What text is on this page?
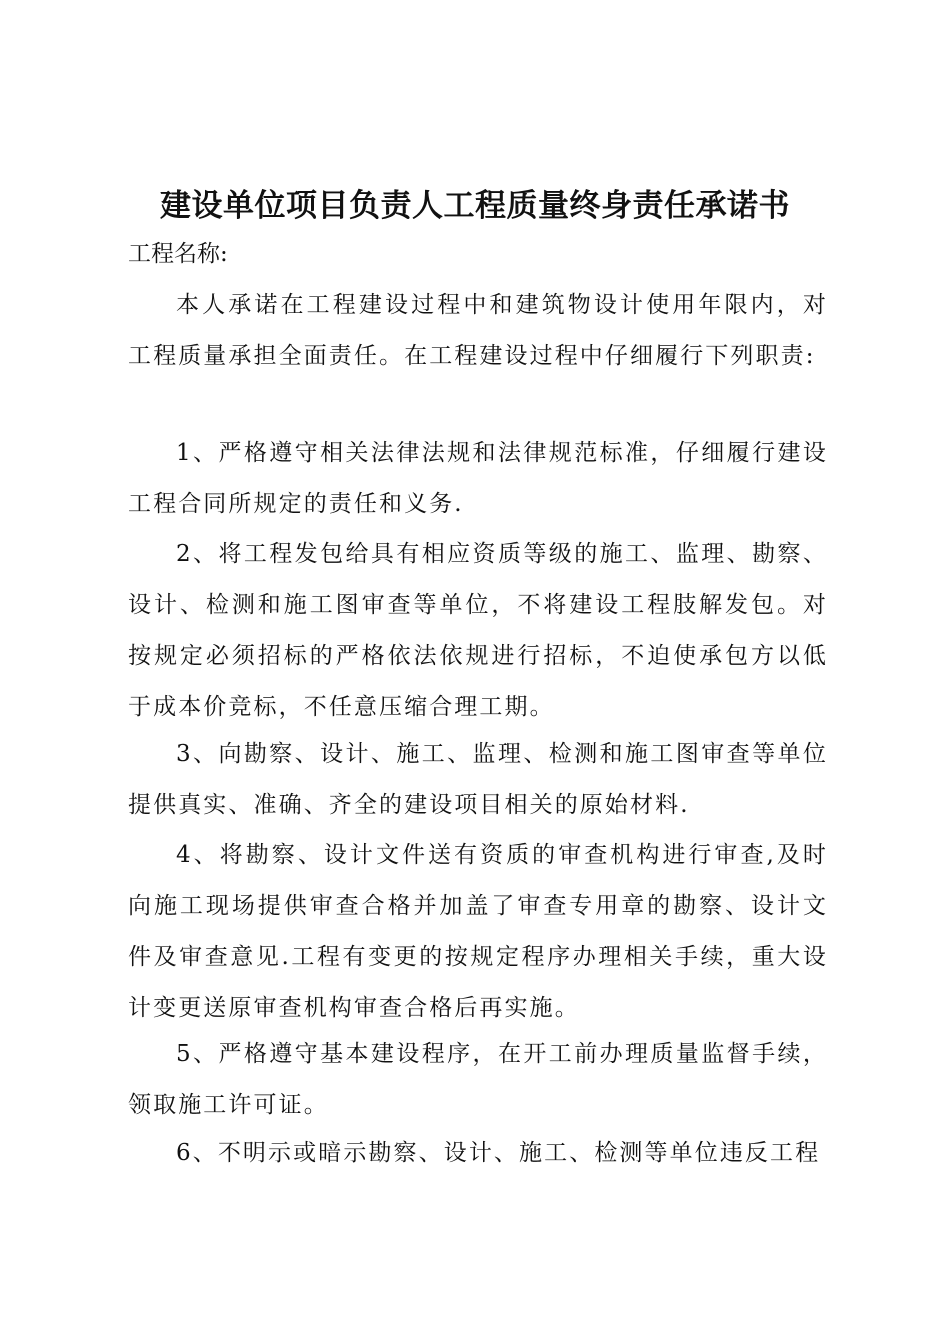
建设单位项目负责人工程质量终身责任承诺书
工程名称:

本人承诺在工程建设过程中和建筑物设计使用年限内，对工程质量承担全面责任。在工程建设过程中仔细履行下列职责:

1、严格遵守相关法律法规和法律规范标准，仔细履行建设工程合同所规定的责任和义务.

2、将工程发包给具有相应资质等级的施工、监理、勘察、设计、检测和施工图审查等单位，不将建设工程肢解发包。对按规定必须招标的严格依法依规进行招标，不迫使承包方以低于成本价竞标，不任意压缩合理工期。

3、向勘察、设计、施工、监理、检测和施工图审查等单位提供真实、准确、齐全的建设项目相关的原始材料.

4、将勘察、设计文件送有资质的审查机构进行审查,及时向施工现场提供审查合格并加盖了审查专用章的勘察、设计文件及审查意见.工程有变更的按规定程序办理相关手续，重大设计变更送原审查机构审查合格后再实施。

5、严格遵守基本建设程序，在开工前办理质量监督手续，领取施工许可证。

6、不明示或暗示勘察、设计、施工、检测等单位违反工程
